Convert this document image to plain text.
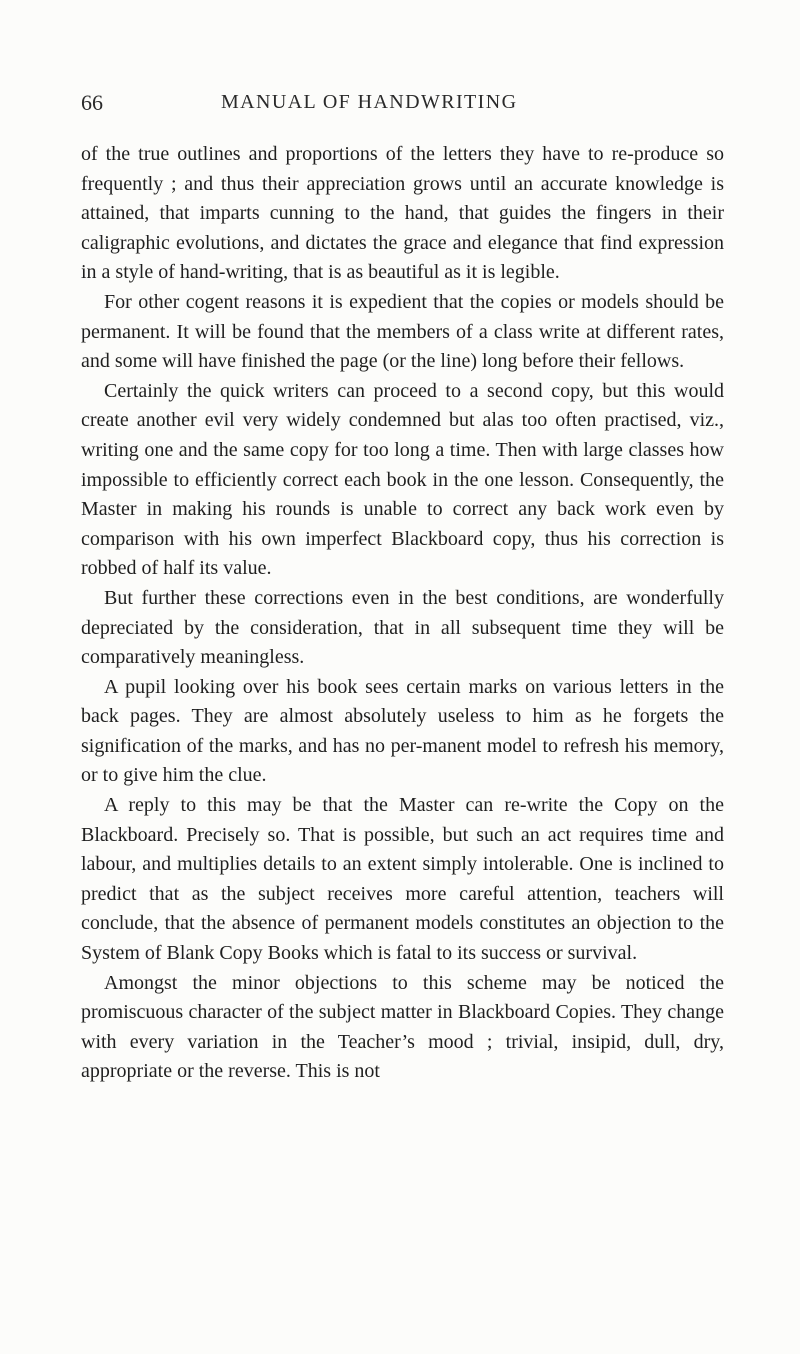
66	MANUAL OF HANDWRITING

of the true outlines and proportions of the letters they have to re-produce so frequently ; and thus their appreciation grows until an accurate knowledge is attained, that imparts cunning to the hand, that guides the fingers in their caligraphic evolutions, and dictates the grace and elegance that find expression in a style of hand-writing, that is as beautiful as it is legible.

For other cogent reasons it is expedient that the copies or models should be permanent. It will be found that the members of a class write at different rates, and some will have finished the page (or the line) long before their fellows.

Certainly the quick writers can proceed to a second copy, but this would create another evil very widely condemned but alas too often practised, viz., writing one and the same copy for too long a time. Then with large classes how impossible to efficiently correct each book in the one lesson. Consequently, the Master in making his rounds is unable to correct any back work even by comparison with his own imperfect Blackboard copy, thus his correction is robbed of half its value.

But further these corrections even in the best conditions, are wonderfully depreciated by the consideration, that in all subsequent time they will be comparatively meaningless.

A pupil looking over his book sees certain marks on various letters in the back pages. They are almost absolutely useless to him as he forgets the signification of the marks, and has no per-manent model to refresh his memory, or to give him the clue.

A reply to this may be that the Master can re-write the Copy on the Blackboard. Precisely so. That is possible, but such an act requires time and labour, and multiplies details to an extent simply intolerable. One is inclined to predict that as the subject receives more careful attention, teachers will conclude, that the absence of permanent models constitutes an objection to the System of Blank Copy Books which is fatal to its success or survival.

Amongst the minor objections to this scheme may be noticed the promiscuous character of the subject matter in Blackboard Copies. They change with every variation in the Teacher’s mood ; trivial, insipid, dull, dry, appropriate or the reverse. This is not
